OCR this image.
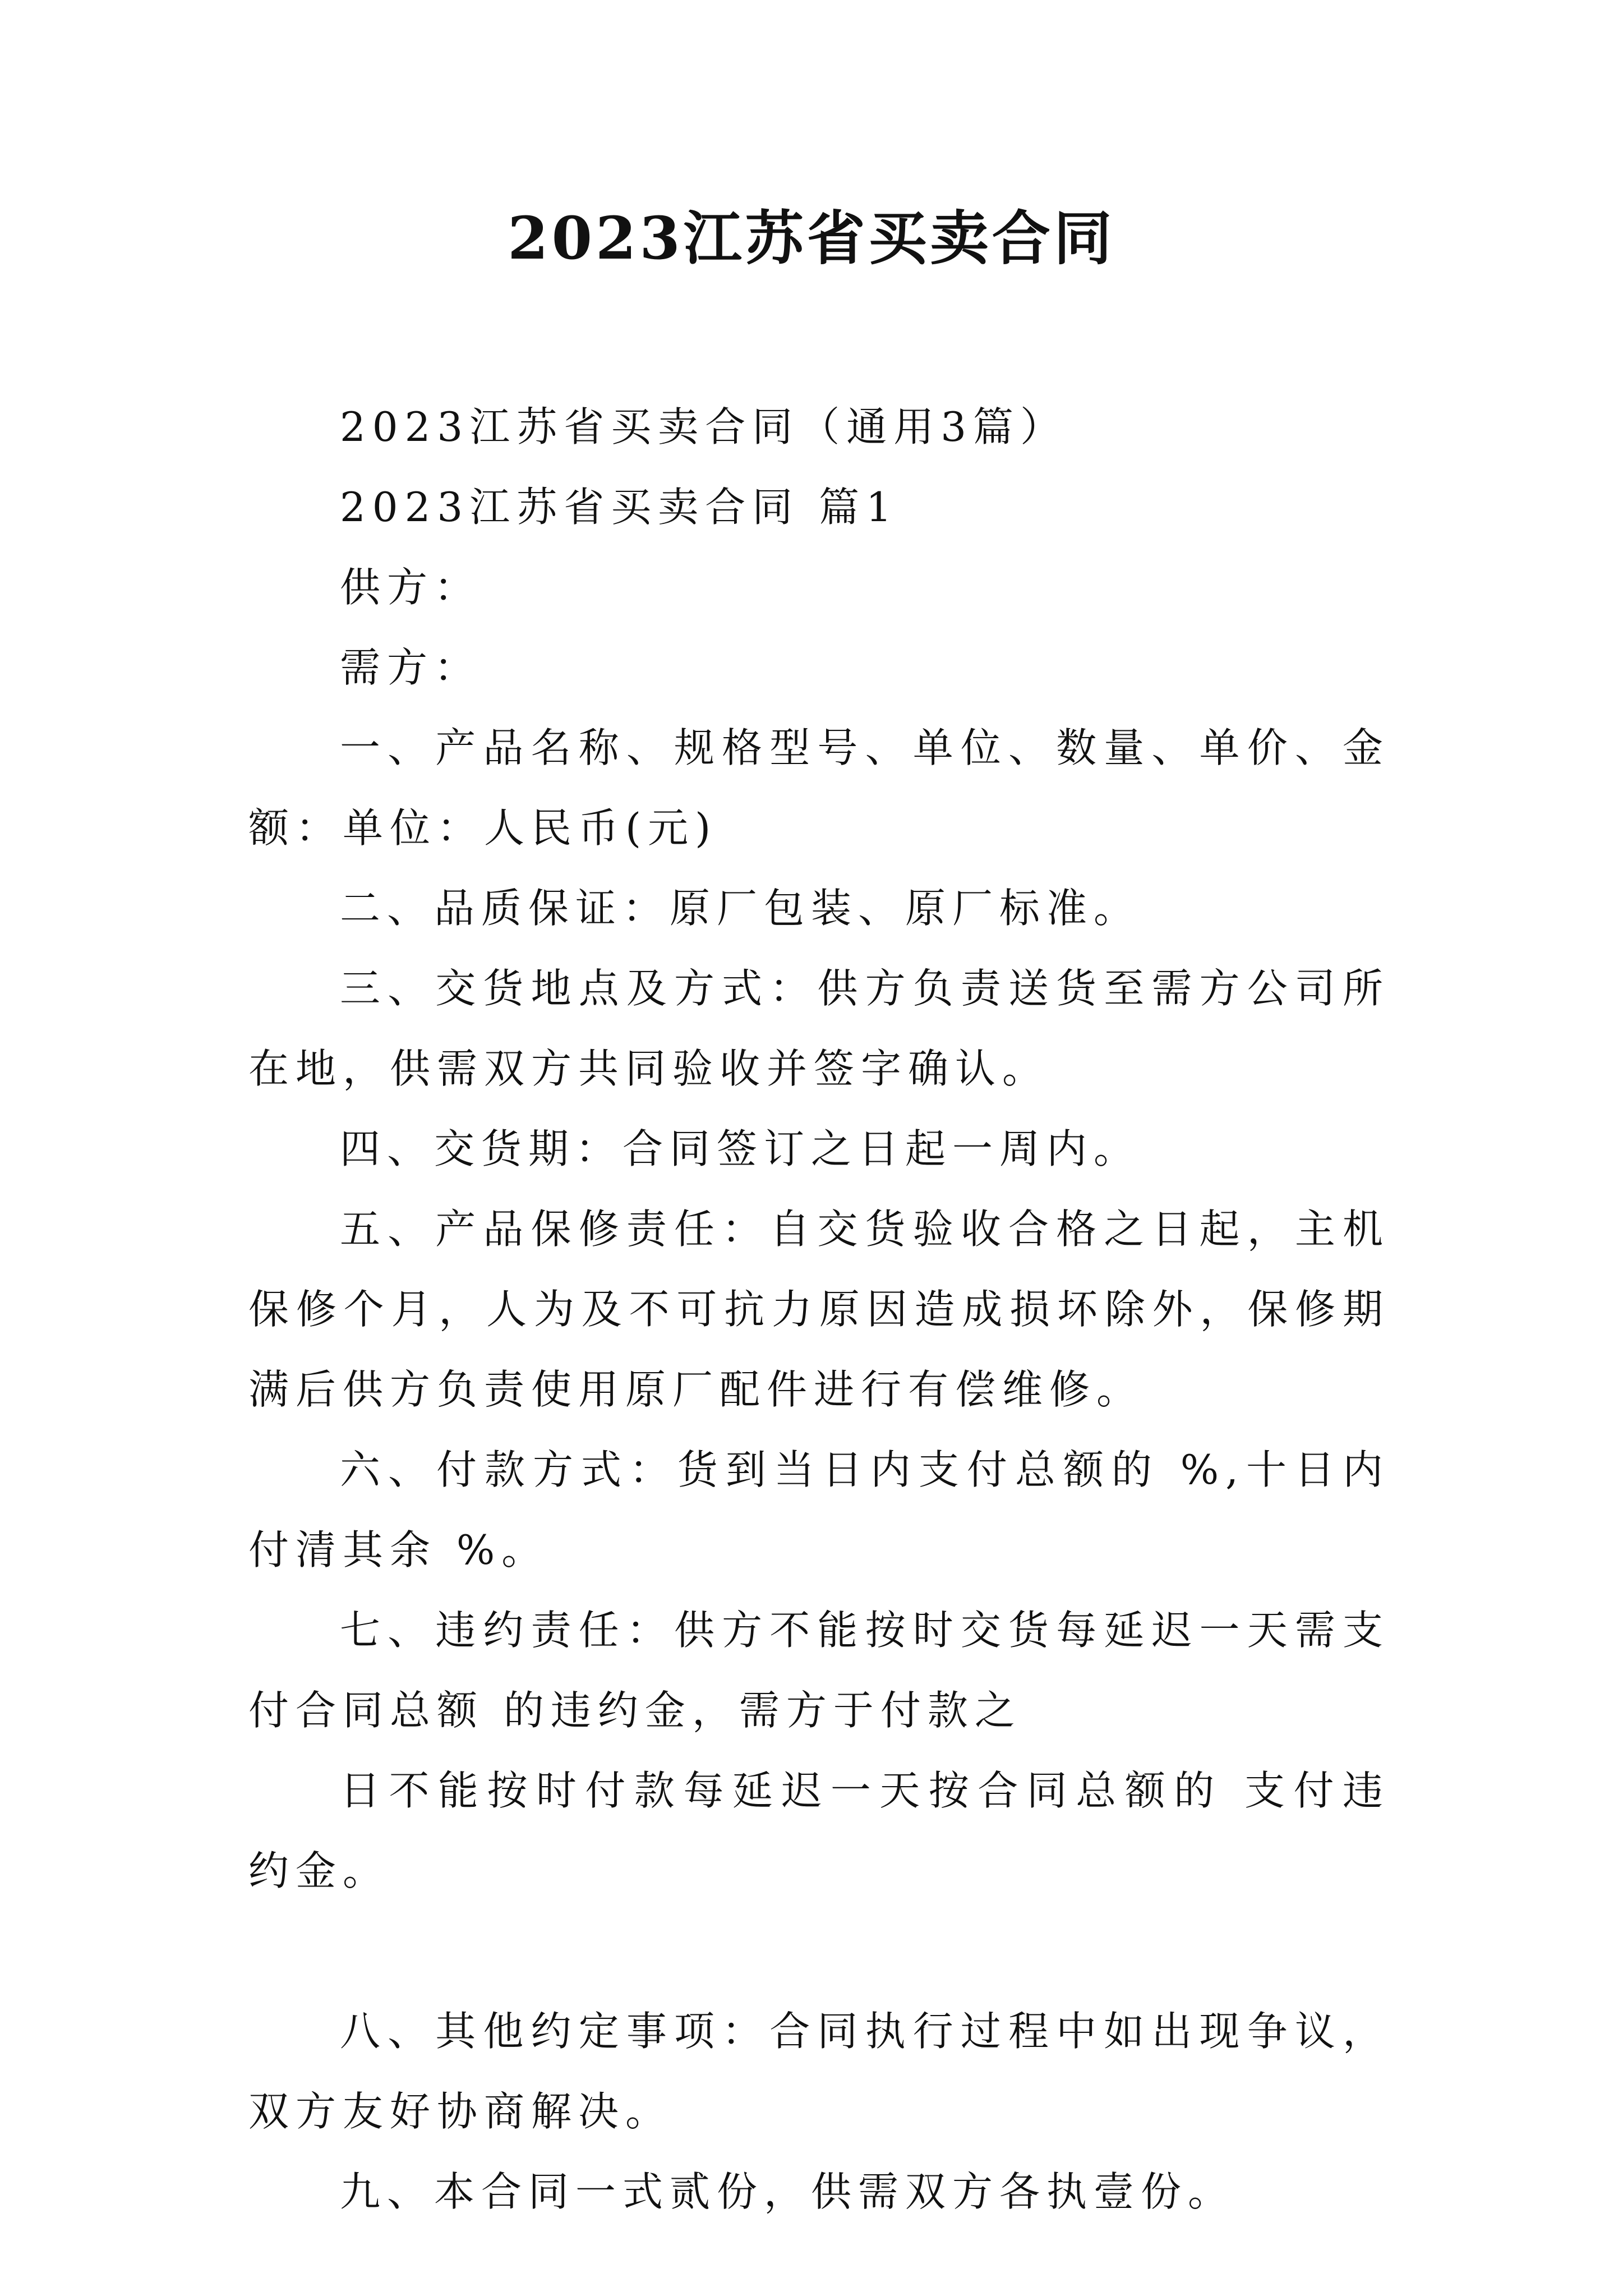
2023江苏省买卖合同

2023江苏省买卖合同（通用3篇）

2023江苏省买卖合同 篇1

供方：

需方：

一、产品名称、规格型号、单位、数量、单价、金额：单位：人民币(元)

二、品质保证：原厂包装、原厂标准。

三、交货地点及方式：供方负责送货至需方公司所在地，供需双方共同验收并签字确认。

四、交货期：合同签订之日起一周内。

五、产品保修责任：自交货验收合格之日起，主机保修个月，人为及不可抗力原因造成损坏除外，保修期满后供方负责使用原厂配件进行有偿维修。

六、付款方式：货到当日内支付总额的 %,十日内付清其余 %。

七、违约责任：供方不能按时交货每延迟一天需支付合同总额 的违约金，需方于付款之

日不能按时付款每延迟一天按合同总额的 支付违约金。

八、其他约定事项：合同执行过程中如出现争议，双方友好协商解决。

九、本合同一式贰份，供需双方各执壹份。
